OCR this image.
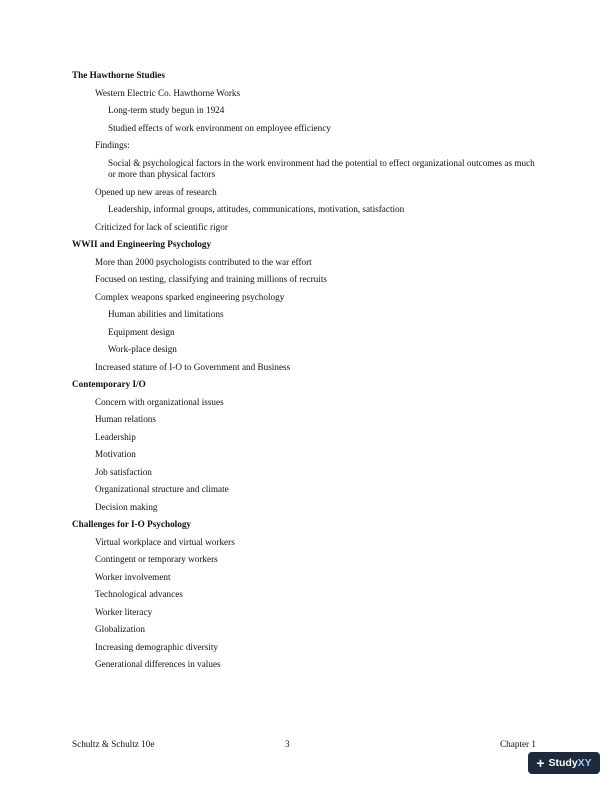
The Hawthorne Studies
Western Electric Co. Hawthorne Works
Long-term study begun in 1924
Studied effects of work environment on employee efficiency
Findings:
Social & psychological factors in the work environment had the potential to effect organizational outcomes as much or more than physical factors
Opened up new areas of research
Leadership, informal groups, attitudes, communications, motivation, satisfaction
Criticized for lack of scientific rigor
WWII and Engineering Psychology
More than 2000 psychologists contributed to the war effort
Focused on testing, classifying and training millions of recruits
Complex weapons sparked engineering psychology
Human abilities and limitations
Equipment design
Work-place design
Increased stature of I-O to Government and Business
Contemporary I/O
Concern with organizational issues
Human relations
Leadership
Motivation
Job satisfaction
Organizational structure and climate
Decision making
Challenges for I-O Psychology
Virtual workplace and virtual workers
Contingent or temporary workers
Worker involvement
Technological advances
Worker literacy
Globalization
Increasing demographic diversity
Generational differences in values
Schultz & Schultz 10e	3	Chapter 1
+ Study XY
